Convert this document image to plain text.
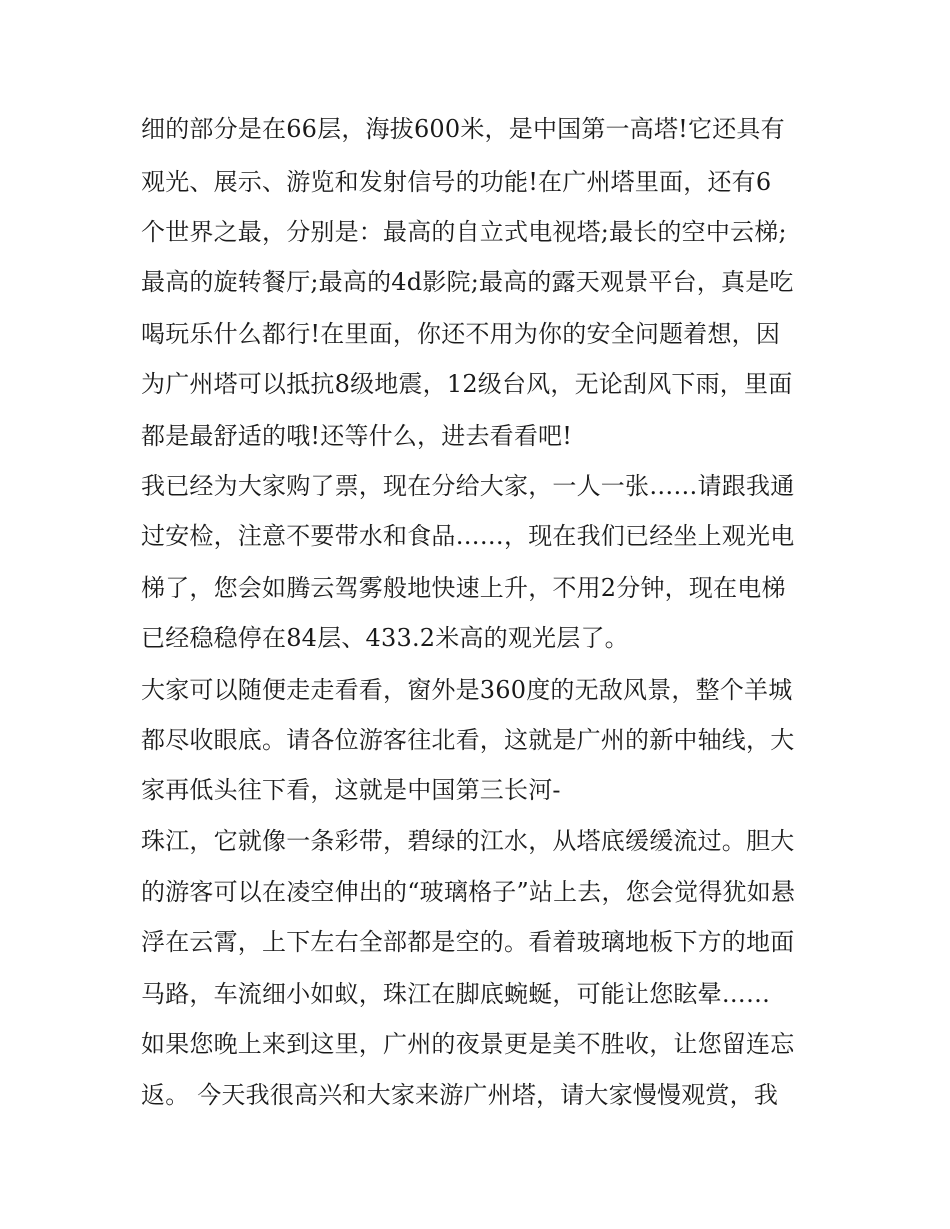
细的部分是在66层，海拔600米，是中国第一高塔!它还具有
观光、展示、游览和发射信号的功能!在广州塔里面，还有6
个世界之最，分别是：最高的自立式电视塔;最长的空中云梯;
最高的旋转餐厅;最高的4d影院;最高的露天观景平台，真是吃
喝玩乐什么都行!在里面，你还不用为你的安全问题着想，因
为广州塔可以抵抗8级地震，12级台风，无论刮风下雨，里面
都是最舒适的哦!还等什么，进去看看吧!
我已经为大家购了票，现在分给大家，一人一张……请跟我通
过安检，注意不要带水和食品……，现在我们已经坐上观光电
梯了，您会如腾云驾雾般地快速上升，不用2分钟，现在电梯
已经稳稳停在84层、433.2米高的观光层了。
大家可以随便走走看看，窗外是360度的无敌风景，整个羊城
都尽收眼底。请各位游客往北看，这就是广州的新中轴线，大
家再低头往下看，这就是中国第三长河-
珠江，它就像一条彩带，碧绿的江水，从塔底缓缓流过。胆大
的游客可以在凌空伸出的“玻璃格子”站上去，您会觉得犹如悬
浮在云霄，上下左右全部都是空的。看着玻璃地板下方的地面
马路，车流细小如蚁，珠江在脚底蜿蜒，可能让您眩晕……
如果您晚上来到这里，广州的夜景更是美不胜收，让您留连忘
返。 今天我很高兴和大家来游广州塔，请大家慢慢观赏，我
